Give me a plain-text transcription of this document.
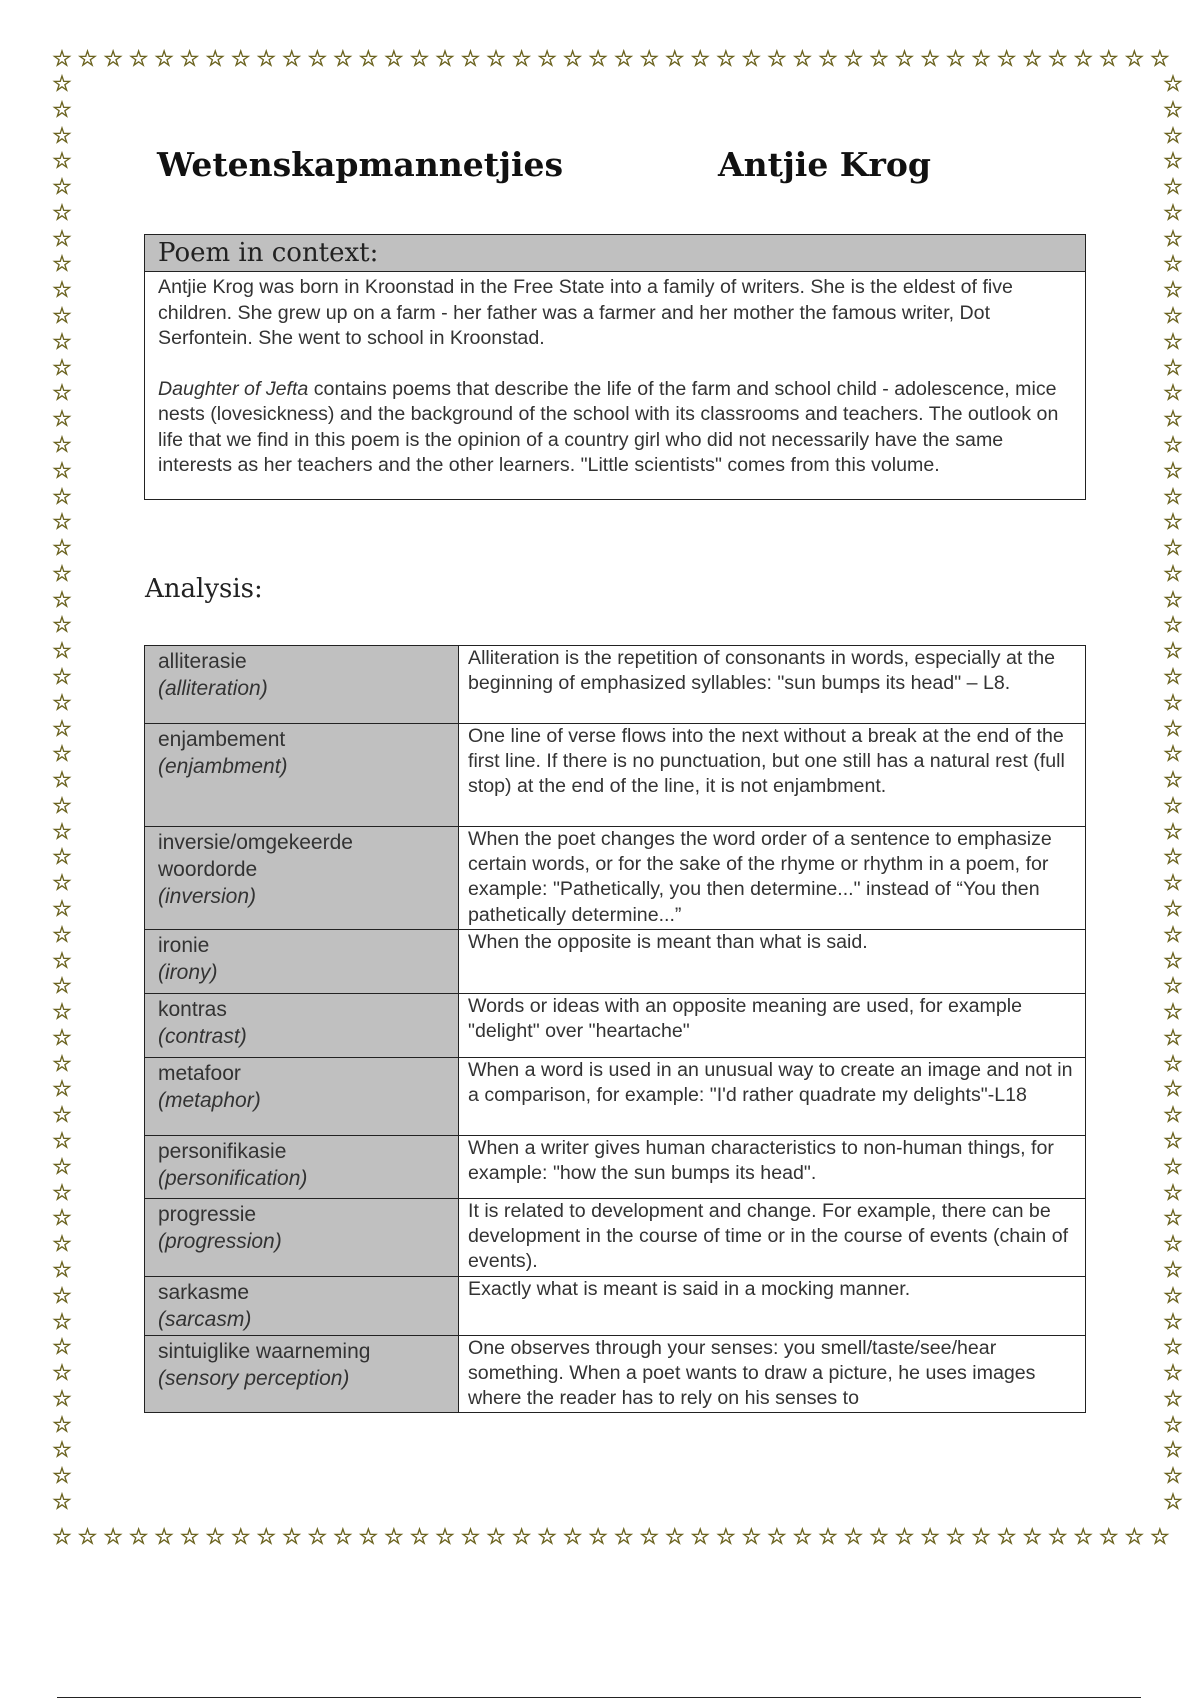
☆ ☆ ☆ ☆ ☆ ☆ ☆ ☆ ☆ ☆ ☆ ☆ ☆ ☆ ☆ ☆ ☆ ☆ ☆ ☆ ☆ ☆ ☆ ☆ ☆ ☆ ☆ ☆ ☆ ☆ ☆ ☆ ☆ ☆ ☆ ☆ ☆ ☆ ☆ ☆ ☆ ☆ ☆ ☆
☆ ☆ ☆ ☆ ☆ ☆ ☆ ☆ ☆ ☆ ☆ ☆ ☆ ☆ ☆ ☆ ☆ ☆ ☆ ☆ ☆ ☆ ☆ ☆ ☆ ☆ ☆ ☆ ☆ ☆ ☆ ☆ ☆ ☆ ☆ ☆ ☆ ☆ ☆ ☆ ☆ ☆ ☆ ☆
☆
☆
☆
☆
☆
☆
☆
☆
☆
☆
☆
☆
☆
☆
☆
☆
☆
☆
☆
☆
☆
☆
☆
☆
☆
☆
☆
☆
☆
☆
☆
☆
☆
☆
☆
☆
☆
☆
☆
☆
☆
☆
☆
☆
☆
☆
☆
☆
☆
☆
☆
☆
☆
☆
☆
☆
☆
☆
☆
☆
☆
☆
☆
☆
☆
☆
☆
☆
☆
☆
☆
☆
☆
☆
☆
☆
☆
☆
☆
☆
☆
☆
☆
☆
☆
☆
☆
☆
☆
☆
☆
☆
☆
☆
☆
☆
☆
☆
☆
☆
☆
☆
☆
☆
☆
☆
☆
☆
☆
☆
☆
☆
Wetenskapmannetjies	Antjie Krog
Poem in context:

Antjie Krog was born in Kroonstad in the Free State into a family of writers. She is the eldest of five children. She grew up on a farm - her father was a farmer and her mother the famous writer, Dot Serfontein. She went to school in Kroonstad.

Daughter of Jefta contains poems that describe the life of the farm and school child - adolescence, mice nests (lovesickness) and the background of the school with its classrooms and teachers. The outlook on life that we find in this poem is the opinion of a country girl who did not necessarily have the same interests as her teachers and the other learners. "Little scientists" comes from this volume.

Analysis:
alliterasie
(alliteration)	Alliteration is the repetition of consonants in words, especially at the beginning of emphasized syllables: "sun bumps its head" – L8.
enjambement
(enjambment)	One line of verse flows into the next without a break at the end of the first line. If there is no punctuation, but one still has a natural rest (full stop) at the end of the line, it is not enjambment.
inversie/omgekeerde woordorde
(inversion)	When the poet changes the word order of a sentence to emphasize certain words, or for the sake of the rhyme or rhythm in a poem, for example: "Pathetically, you then determine..." instead of “You then pathetically determine...”
ironie
(irony)	When the opposite is meant than what is said.
kontras
(contrast)	Words or ideas with an opposite meaning are used, for example "delight" over "heartache"
metafoor
(metaphor)	When a word is used in an unusual way to create an image and not in a comparison, for example: "I'd rather quadrate my delights"-L18
personifikasie
(personification)	When a writer gives human characteristics to non-human things, for example: "how the sun bumps its head".
progressie
(progression)	It is related to development and change. For example, there can be development in the course of time or in the course of events (chain of events).
sarkasme
(sarcasm)	Exactly what is meant is said in a mocking manner.
sintuiglike waarneming
(sensory perception)	One observes through your senses: you smell/taste/see/hear something. When a poet wants to draw a picture, he uses images where the reader has to rely on his senses to
